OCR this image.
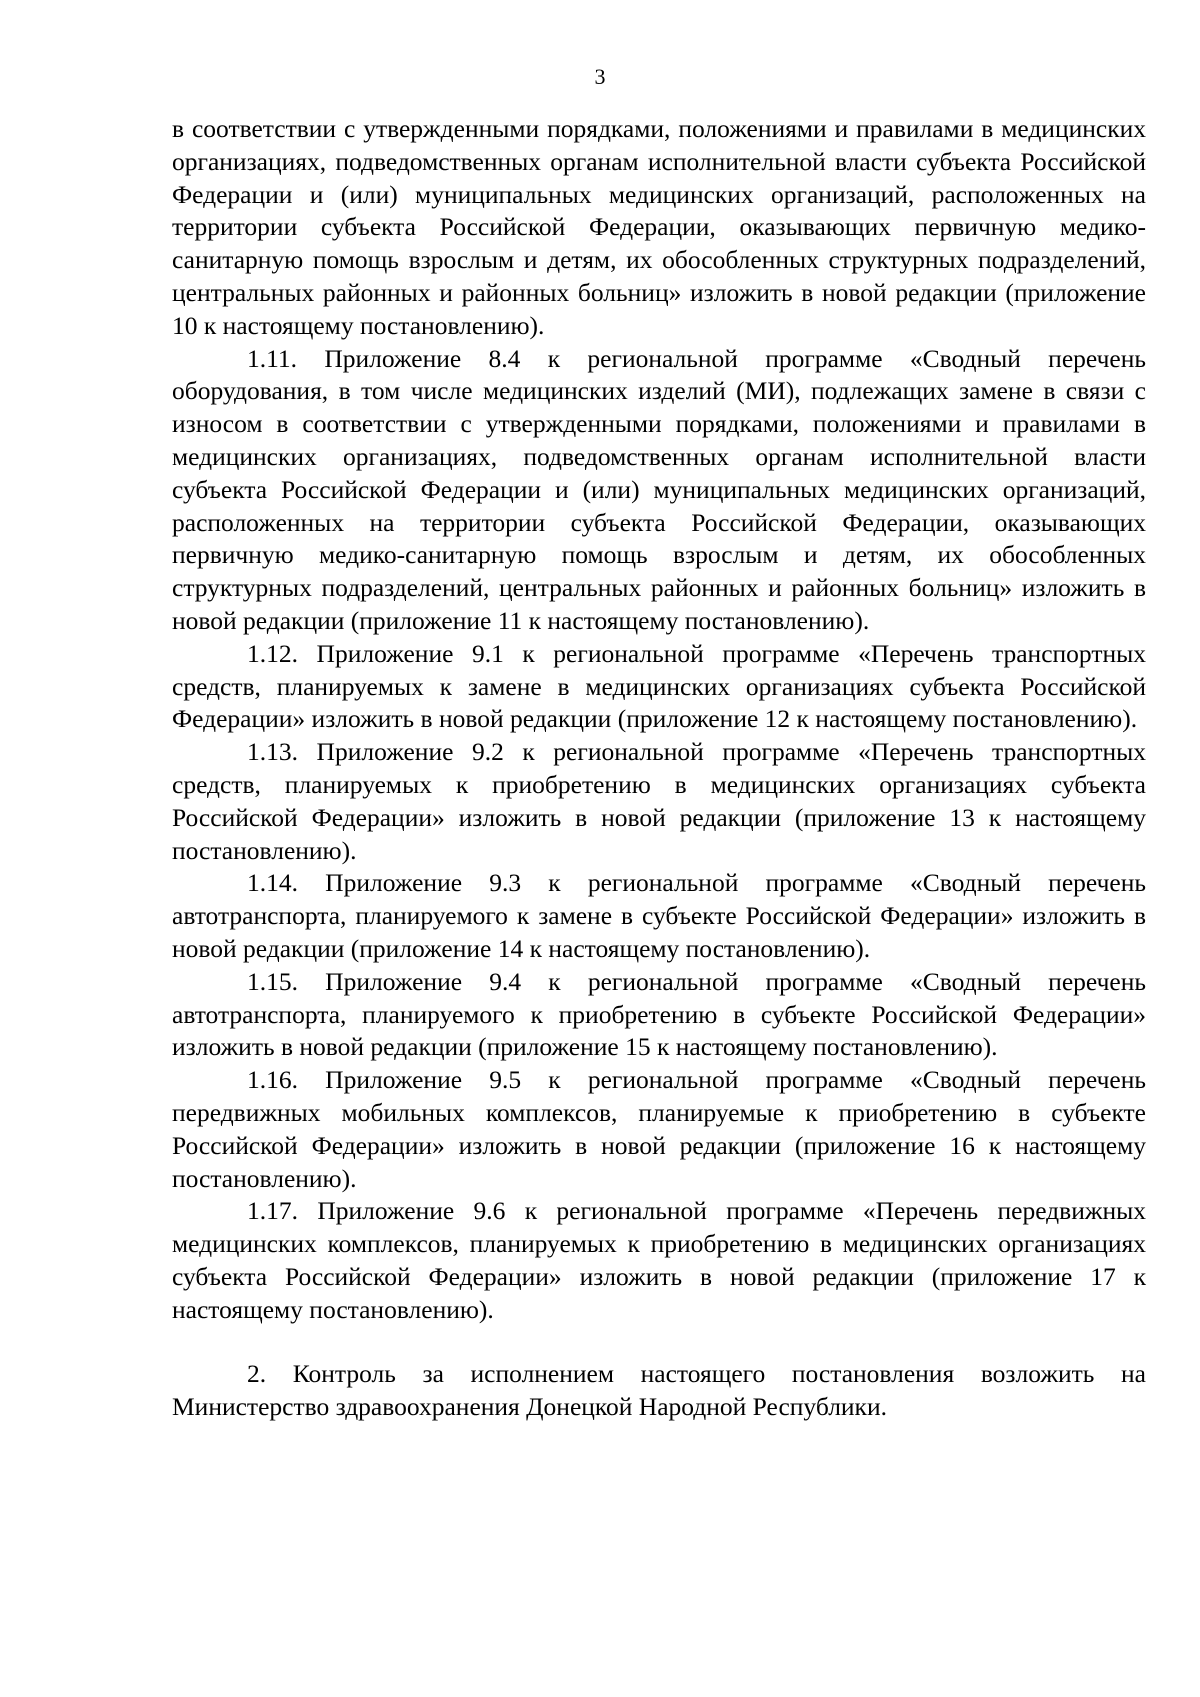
3

в соответствии с утвержденными порядками, положениями и правилами в медицинских организациях, подведомственных органам исполнительной власти субъекта Российской Федерации и (или) муниципальных медицинских организаций, расположенных на территории субъекта Российской Федерации, оказывающих первичную медико-санитарную помощь взрослым и детям, их обособленных структурных подразделений, центральных районных и районных больниц» изложить в новой редакции (приложение 10 к настоящему постановлению).

1.11. Приложение 8.4 к региональной программе «Сводный перечень оборудования, в том числе медицинских изделий (МИ), подлежащих замене в связи с износом в соответствии с утвержденными порядками, положениями и правилами в медицинских организациях, подведомственных органам исполнительной власти субъекта Российской Федерации и (или) муниципальных медицинских организаций, расположенных на территории субъекта Российской Федерации, оказывающих первичную медико-санитарную помощь взрослым и детям, их обособленных структурных подразделений, центральных районных и районных больниц» изложить в новой редакции (приложение 11 к настоящему постановлению).

1.12. Приложение 9.1 к региональной программе «Перечень транспортных средств, планируемых к замене в медицинских организациях субъекта Российской Федерации» изложить в новой редакции (приложение 12 к настоящему постановлению).

1.13. Приложение 9.2 к региональной программе «Перечень транспортных средств, планируемых к приобретению в медицинских организациях субъекта Российской Федерации» изложить в новой редакции (приложение 13 к настоящему постановлению).

1.14. Приложение 9.3 к региональной программе «Сводный перечень автотранспорта, планируемого к замене в субъекте Российской Федерации» изложить в новой редакции (приложение 14 к настоящему постановлению).

1.15. Приложение 9.4 к региональной программе «Сводный перечень автотранспорта, планируемого к приобретению в субъекте Российской Федерации» изложить в новой редакции (приложение 15 к настоящему постановлению).

1.16. Приложение 9.5 к региональной программе «Сводный перечень передвижных мобильных комплексов, планируемые к приобретению в субъекте Российской Федерации» изложить в новой редакции (приложение 16 к настоящему постановлению).

1.17. Приложение 9.6 к региональной программе «Перечень передвижных медицинских комплексов, планируемых к приобретению в медицинских организациях субъекта Российской Федерации» изложить в новой редакции (приложение 17 к настоящему постановлению).

2. Контроль за исполнением настоящего постановления возложить на Министерство здравоохранения Донецкой Народной Республики.
